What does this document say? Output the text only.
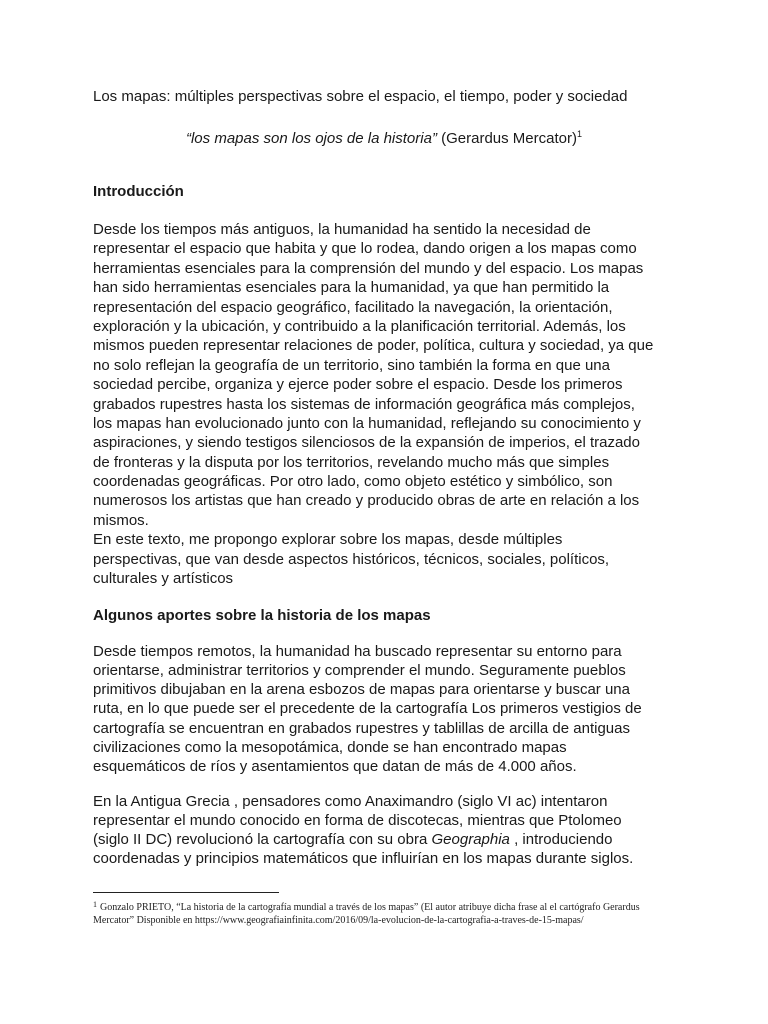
Los mapas: múltiples perspectivas sobre el espacio, el tiempo, poder y sociedad
“los mapas son los ojos de la historia” (Gerardus Mercator)$^1$
Introducción
Desde los tiempos más antiguos, la humanidad ha sentido la necesidad de
representar el espacio que habita y que lo rodea, dando origen a los mapas como
herramientas esenciales para la comprensión del mundo y del espacio. Los mapas
han sido herramientas esenciales para la humanidad, ya que han permitido la
representación del espacio geográfico, facilitado la navegación, la orientación,
exploración y la ubicación, y contribuido a la planificación territorial. Además, los
mismos pueden representar relaciones de poder, política, cultura y sociedad, ya que
no solo reflejan la geografía de un territorio, sino también la forma en que una
sociedad percibe, organiza y ejerce poder sobre el espacio. Desde los primeros
grabados rupestres hasta los sistemas de información geográfica más complejos,
los mapas han evolucionado junto con la humanidad, reflejando su conocimiento y
aspiraciones, y siendo testigos silenciosos de la expansión de imperios, el trazado
de fronteras y la disputa por los territorios, revelando mucho más que simples
coordenadas geográficas. Por otro lado, como objeto estético y simbólico, son
numerosos los artistas que han creado y producido obras de arte en relación a los
mismos.
En este texto, me propongo explorar sobre los mapas, desde múltiples
perspectivas, que van desde aspectos históricos, técnicos, sociales, políticos,
culturales y artísticos
Algunos aportes sobre la historia de los mapas
Desde tiempos remotos, la humanidad ha buscado representar su entorno para
orientarse, administrar territorios y comprender el mundo. Seguramente pueblos
primitivos dibujaban en la arena esbozos de mapas para orientarse y buscar una
ruta, en lo que puede ser el precedente de la cartografía Los primeros vestigios de
cartografía se encuentran en grabados rupestres y tablillas de arcilla de antiguas
civilizaciones como la mesopotámica, donde se han encontrado mapas
esquemáticos de ríos y asentamientos que datan de más de 4.000 años.
En la Antigua Grecia , pensadores como Anaximandro (siglo VI ac) intentaron
representar el mundo conocido en forma de discotecas, mientras que Ptolomeo
(siglo II DC) revolucionó la cartografía con su obra Geographia , introduciendo
coordenadas y principios matemáticos que influirían en los mapas durante siglos.
$^1$ Gonzalo PRIETO, “La historia de la cartografía mundial a través de los mapas” (El autor atribuye dicha frase al el cartógrafo Gerardus
Mercator” Disponible en https://www.geografiainfinita.com/2016/09/la-evolucion-de-la-cartografia-a-traves-de-15-mapas/
